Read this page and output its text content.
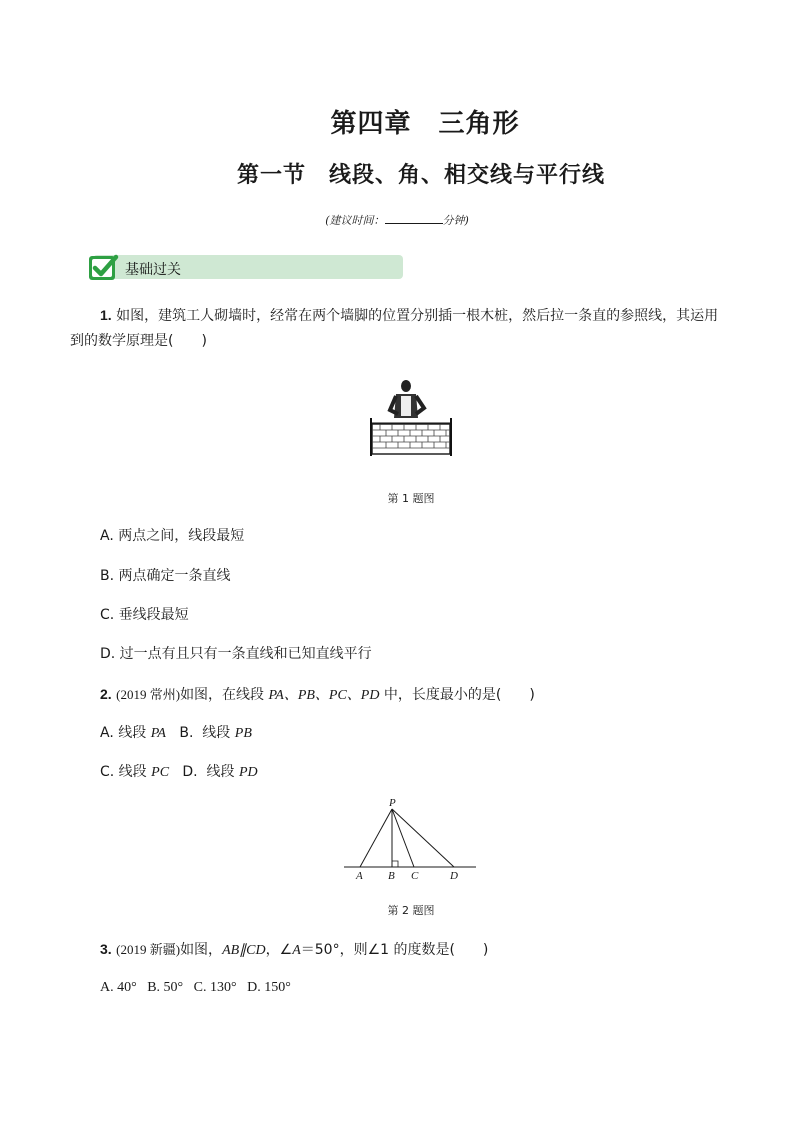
第四章　三角形
第一节　线段、角、相交线与平行线
(建议时间：	分钟)
基础过关
1. 如图，建筑工人砌墙时，经常在两个墙脚的位置分别插一根木桩，然后拉一条直的参照线，其运用
到的数学原理是(　　)
第 1 题图
A. 两点之间，线段最短
B. 两点确定一条直线
C. 垂线段最短
D. 过一点有且只有一条直线和已知直线平行
2. (2019 常州)如图，在线段 PA、PB、PC、PD 中，长度最小的是(　　)
A. 线段 PA   B.  线段 PB
C. 线段 PC   D.  线段 PD
P
A B C	D
第 2 题图
3. (2019 新疆)如图，AB∥CD，∠A＝50°，则∠1 的度数是(　　)
A. 40°   B. 50°   C. 130°   D. 150°
